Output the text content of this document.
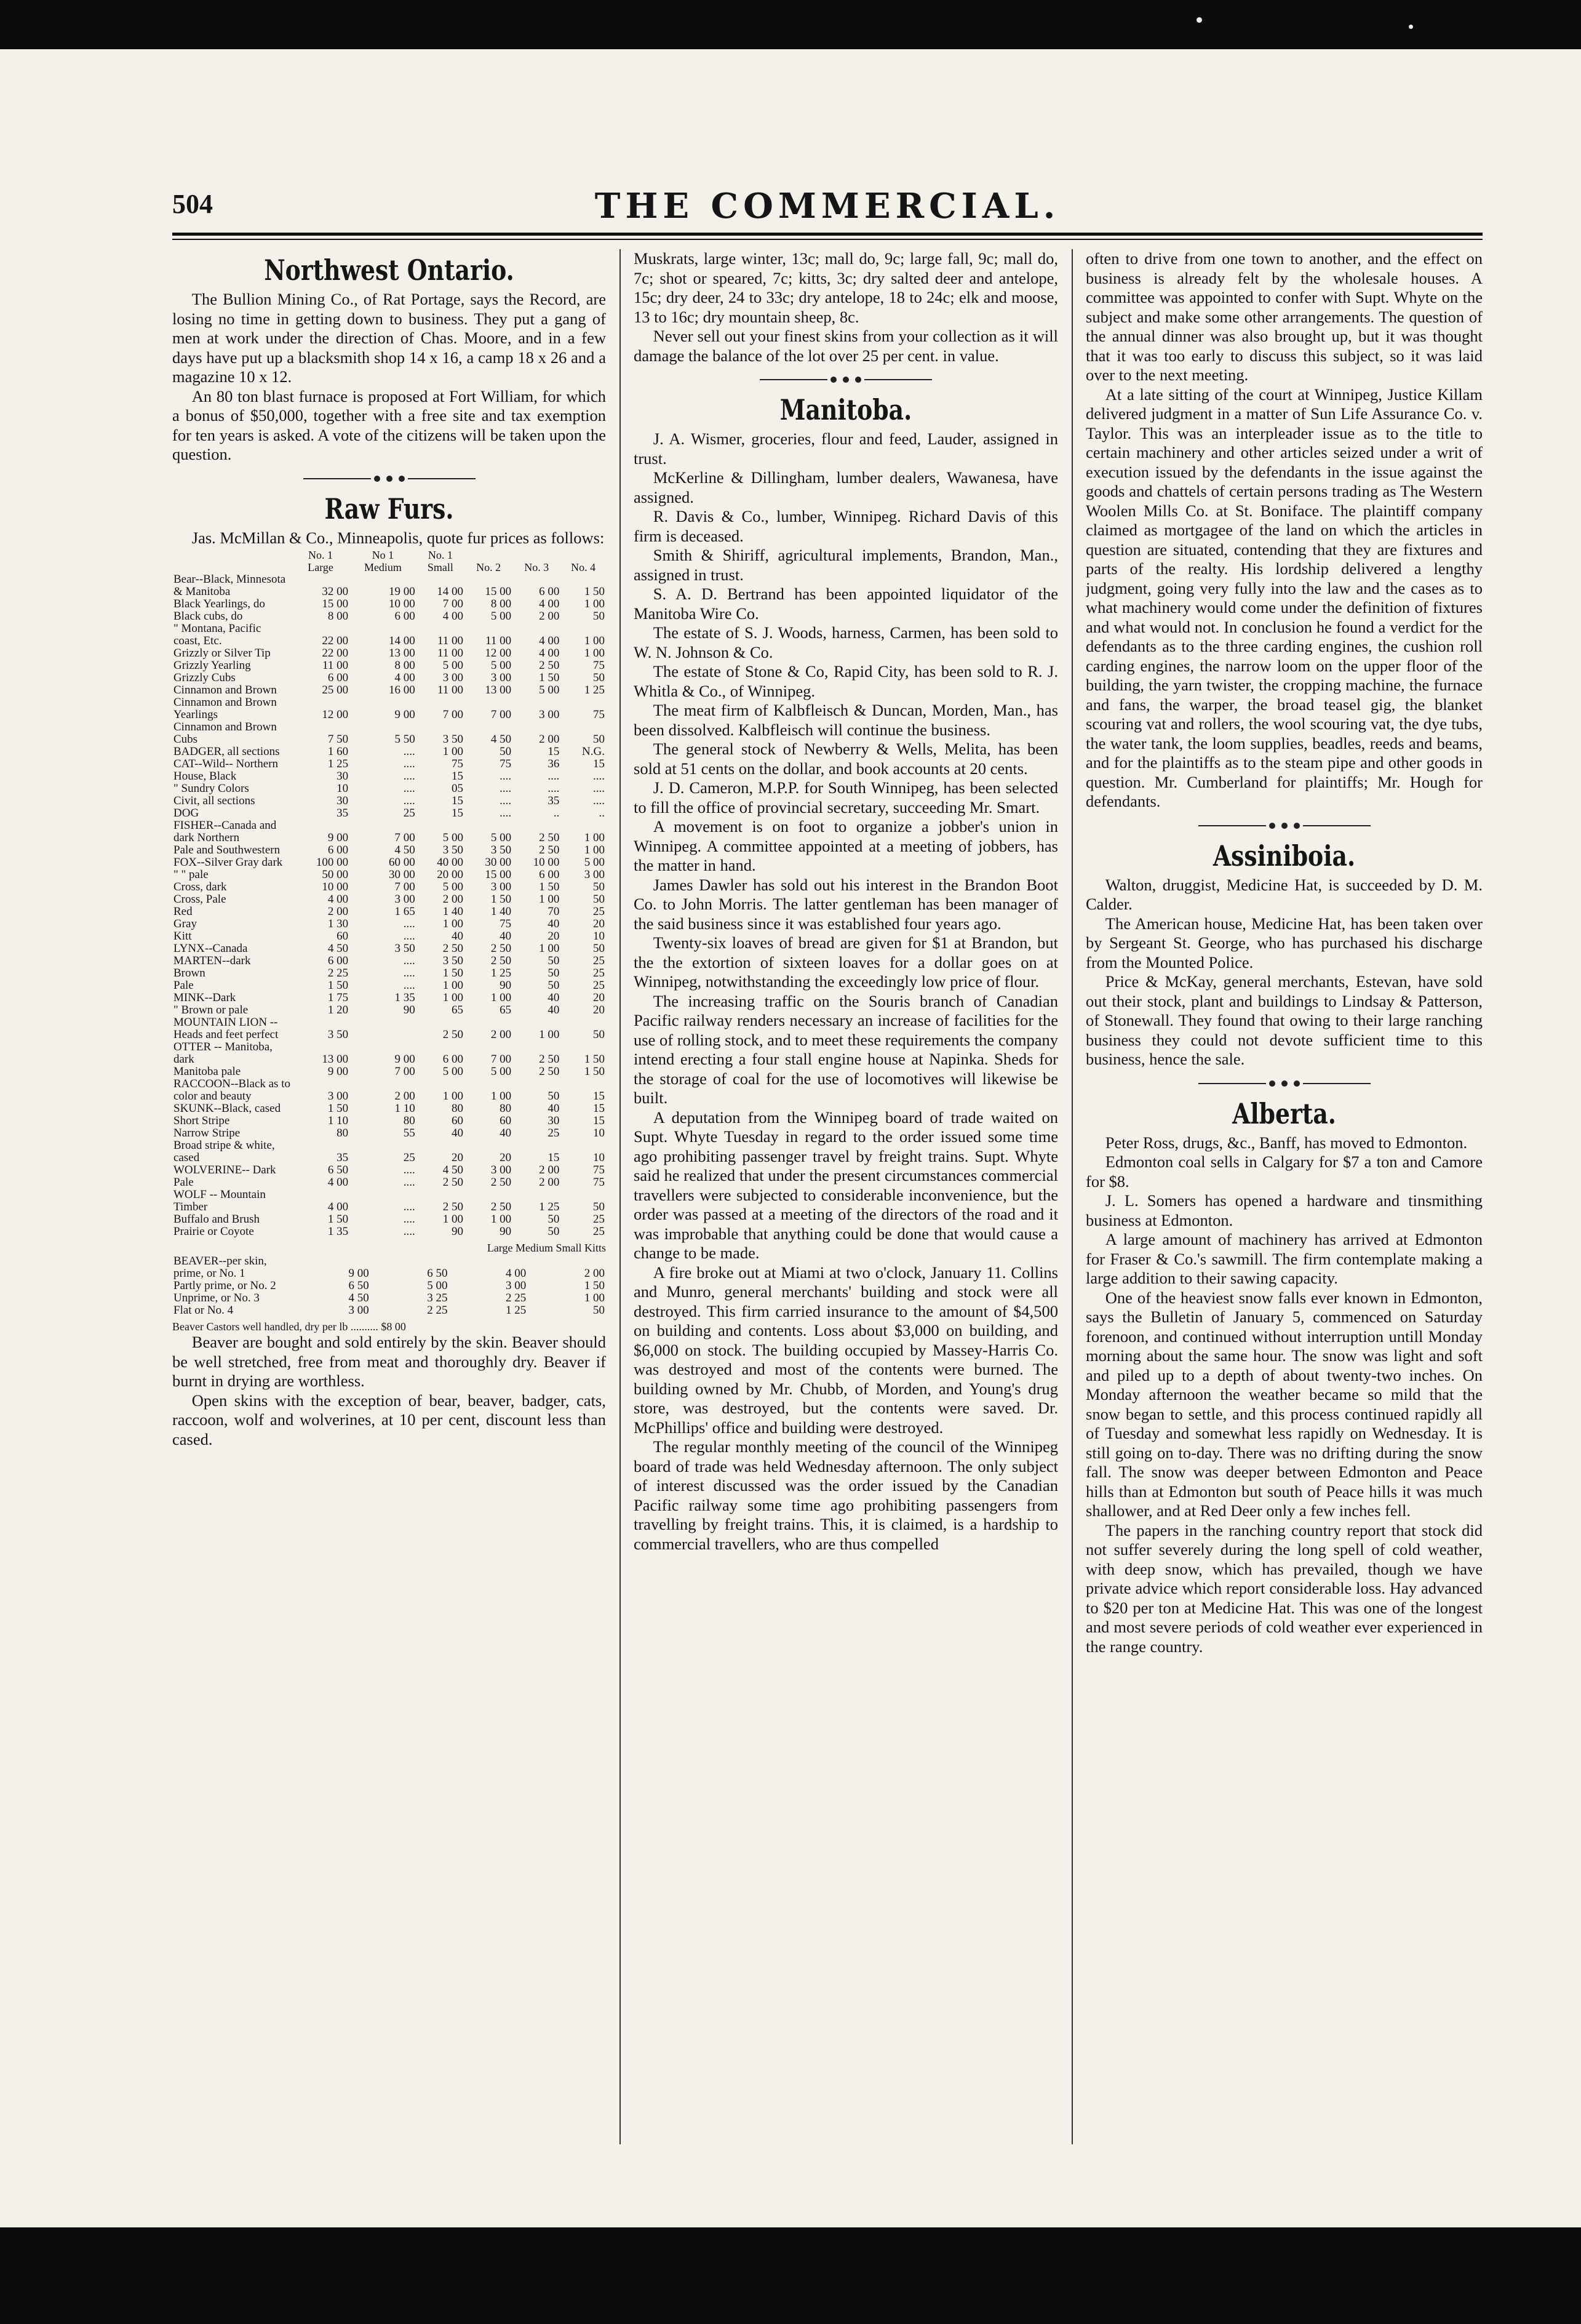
504	THE COMMERCIAL.
Northwest Ontario.

The Bullion Mining Co., of Rat Portage, says the Record, are losing no time in getting down to business. They put a gang of men at work under the direction of Chas. Moore, and in a few days have put up a blacksmith shop 14 x 16, a camp 18 x 26 and a magazine 10 x 12.

An 80 ton blast furnace is proposed at Fort William, for which a bonus of $50,000, together with a free site and tax exemption for ten years is asked. A vote of the citizens will be taken upon the question.

Raw Furs.

Jas. McMillan & Co., Minneapolis, quote fur prices as follows:

	No. 1	No 1	No. 1			
	Large	Medium	Small	No. 2	No. 3	No. 4
Bear--Black, Minnesota & Manitoba	32 00	19 00	14 00	15 00	6 00	1 50
Black Yearlings, do	15 00	10 00	7 00	8 00	4 00	1 00
Black cubs, do	8 00	6 00	4 00	5 00	2 00	50
" Montana, Pacific coast, Etc.	22 00	14 00	11 00	11 00	4 00	1 00
Grizzly or Silver Tip	22 00	13 00	11 00	12 00	4 00	1 00
Grizzly Yearling	11 00	8 00	5 00	5 00	2 50	75
Grizzly Cubs	6 00	4 00	3 00	3 00	1 50	50
Cinnamon and Brown	25 00	16 00	11 00	13 00	5 00	1 25
Cinnamon and Brown Yearlings	12 00	9 00	7 00	7 00	3 00	75
Cinnamon and Brown Cubs	7 50	5 50	3 50	4 50	2 00	50
BADGER, all sections	1 60	....	1 00	50	15	N.G.
CAT--Wild-- Northern	1 25	....	75	75	36	15
House, Black	30	....	15	....	....	....
" Sundry Colors	10	....	05	....	....	....
Civit, all sections	30	....	15	....	35	....
DOG	35	25	15	....	..	..
FISHER--Canada and dark Northern	9 00	7 00	5 00	5 00	2 50	1 00
Pale and Southwestern	6 00	4 50	3 50	3 50	2 50	1 00
FOX--Silver Gray dark	100 00	60 00	40 00	30 00	10 00	5 00
" " pale	50 00	30 00	20 00	15 00	6 00	3 00
Cross, dark	10 00	7 00	5 00	3 00	1 50	50
Cross, Pale	4 00	3 00	2 00	1 50	1 00	50
Red	2 00	1 65	1 40	1 40	70	25
Gray	1 30	....	1 00	75	40	20
Kitt	60	....	40	40	20	10
LYNX--Canada	4 50	3 50	2 50	2 50	1 00	50
MARTEN--dark	6 00	....	3 50	2 50	50	25
Brown	2 25	....	1 50	1 25	50	25
Pale	1 50	....	1 00	90	50	25
MINK--Dark	1 75	1 35	1 00	1 00	40	20
" Brown or pale	1 20	90	65	65	40	20
MOUNTAIN LION --Heads and feet perfect	3 50		2 50	2 00	1 00	50
OTTER -- Manitoba, dark	13 00	9 00	6 00	7 00	2 50	1 50
Manitoba pale	9 00	7 00	5 00	5 00	2 50	1 50
RACCOON--Black as to color and beauty	3 00	2 00	1 00	1 00	50	15
SKUNK--Black, cased	1 50	1 10	80	80	40	15
Short Stripe	1 10	80	60	60	30	15
Narrow Stripe	80	55	40	40	25	10
Broad stripe & white, cased	35	25	20	20	15	10
WOLVERINE-- Dark	6 50	....	4 50	3 00	2 00	75
Pale	4 00	....	2 50	2 50	2 00	75
WOLF -- Mountain Timber	4 00	....	2 50	2 50	1 25	50
Buffalo and Brush	1 50	....	1 00	1 00	50	25
Prairie or Coyote	1 35	....	90	90	50	25
Large Medium Small Kitts
BEAVER--per skin, prime, or No. 1	9 00	6 50	4 00	2 00
Partly prime, or No. 2	6 50	5 00	3 00	1 50
Unprime, or No. 3	4 50	3 25	2 25	1 00
Flat or No. 4	3 00	2 25	1 25	50
Beaver Castors well handled, dry per lb .......... $8 00

Beaver are bought and sold entirely by the skin. Beaver should be well stretched, free from meat and thoroughly dry. Beaver if burnt in drying are worthless.

Open skins with the exception of bear, beaver, badger, cats, raccoon, wolf and wolverines, at 10 per cent, discount less than cased.

Muskrats, large winter, 13c; mall do, 9c; large fall, 9c; mall do, 7c; shot or speared, 7c; kitts, 3c; dry salted deer and antelope, 15c; dry deer, 24 to 33c; dry antelope, 18 to 24c; elk and moose, 13 to 16c; dry mountain sheep, 8c.

Never sell out your finest skins from your collection as it will damage the balance of the lot over 25 per cent. in value.

Manitoba.

J. A. Wismer, groceries, flour and feed, Lauder, assigned in trust.

McKerline & Dillingham, lumber dealers, Wawanesa, have assigned.

R. Davis & Co., lumber, Winnipeg. Richard Davis of this firm is deceased.

Smith & Shiriff, agricultural implements, Brandon, Man., assigned in trust.

S. A. D. Bertrand has been appointed liquidator of the Manitoba Wire Co.

The estate of S. J. Woods, harness, Carmen, has been sold to W. N. Johnson & Co.

The estate of Stone & Co, Rapid City, has been sold to R. J. Whitla & Co., of Winnipeg.

The meat firm of Kalbfleisch & Duncan, Morden, Man., has been dissolved. Kalbfleisch will continue the business.

The general stock of Newberry & Wells, Melita, has been sold at 51 cents on the dollar, and book accounts at 20 cents.

J. D. Cameron, M.P.P. for South Winnipeg, has been selected to fill the office of provincial secretary, succeeding Mr. Smart.

A movement is on foot to organize a jobber's union in Winnipeg. A committee appointed at a meeting of jobbers, has the matter in hand.

James Dawler has sold out his interest in the Brandon Boot Co. to John Morris. The latter gentleman has been manager of the said business since it was established four years ago.

Twenty-six loaves of bread are given for $1 at Brandon, but the the extortion of sixteen loaves for a dollar goes on at Winnipeg, notwithstanding the exceedingly low price of flour.

The increasing traffic on the Souris branch of Canadian Pacific railway renders necessary an increase of facilities for the use of rolling stock, and to meet these requirements the company intend erecting a four stall engine house at Napinka. Sheds for the storage of coal for the use of locomotives will likewise be built.

A deputation from the Winnipeg board of trade waited on Supt. Whyte Tuesday in regard to the order issued some time ago prohibiting passenger travel by freight trains. Supt. Whyte said he realized that under the present circumstances commercial travellers were subjected to considerable inconvenience, but the order was passed at a meeting of the directors of the road and it was improbable that anything could be done that would cause a change to be made.

A fire broke out at Miami at two o'clock, January 11. Collins and Munro, general merchants' building and stock were all destroyed. This firm carried insurance to the amount of $4,500 on building and contents. Loss about $3,000 on building, and $6,000 on stock. The building occupied by Massey-Harris Co. was destroyed and most of the contents were burned. The building owned by Mr. Chubb, of Morden, and Young's drug store, was destroyed, but the contents were saved. Dr. McPhillips' office and building were destroyed.

The regular monthly meeting of the council of the Winnipeg board of trade was held Wednesday afternoon. The only subject of interest discussed was the order issued by the Canadian Pacific railway some time ago prohibiting passengers from travelling by freight trains. This, it is claimed, is a hardship to commercial travellers, who are thus compelled

often to drive from one town to another, and the effect on business is already felt by the wholesale houses. A committee was appointed to confer with Supt. Whyte on the subject and make some other arrangements. The question of the annual dinner was also brought up, but it was thought that it was too early to discuss this subject, so it was laid over to the next meeting.

At a late sitting of the court at Winnipeg, Justice Killam delivered judgment in a matter of Sun Life Assurance Co. v. Taylor. This was an interpleader issue as to the title to certain machinery and other articles seized under a writ of execution issued by the defendants in the issue against the goods and chattels of certain persons trading as The Western Woolen Mills Co. at St. Boniface. The plaintiff company claimed as mortgagee of the land on which the articles in question are situated, contending that they are fixtures and parts of the realty. His lordship delivered a lengthy judgment, going very fully into the law and the cases as to what machinery would come under the definition of fixtures and what would not. In conclusion he found a verdict for the defendants as to the three carding engines, the cushion roll carding engines, the narrow loom on the upper floor of the building, the yarn twister, the cropping machine, the furnace and fans, the warper, the broad teasel gig, the blanket scouring vat and rollers, the wool scouring vat, the dye tubs, the water tank, the loom supplies, beadles, reeds and beams, and for the plaintiffs as to the steam pipe and other goods in question. Mr. Cumberland for plaintiffs; Mr. Hough for defendants.

Assiniboia.

Walton, druggist, Medicine Hat, is succeeded by D. M. Calder.

The American house, Medicine Hat, has been taken over by Sergeant St. George, who has purchased his discharge from the Mounted Police.

Price & McKay, general merchants, Estevan, have sold out their stock, plant and buildings to Lindsay & Patterson, of Stonewall. They found that owing to their large ranching business they could not devote sufficient time to this business, hence the sale.

Alberta.

Peter Ross, drugs, &c., Banff, has moved to Edmonton.

Edmonton coal sells in Calgary for $7 a ton and Camore for $8.

J. L. Somers has opened a hardware and tinsmithing business at Edmonton.

A large amount of machinery has arrived at Edmonton for Fraser & Co.'s sawmill. The firm contemplate making a large addition to their sawing capacity.

One of the heaviest snow falls ever known in Edmonton, says the Bulletin of January 5, commenced on Saturday forenoon, and continued without interruption untill Monday morning about the same hour. The snow was light and soft and piled up to a depth of about twenty-two inches. On Monday afternoon the weather became so mild that the snow began to settle, and this process continued rapidly all of Tuesday and somewhat less rapidly on Wednesday. It is still going on to-day. There was no drifting during the snow fall. The snow was deeper between Edmonton and Peace hills than at Edmonton but south of Peace hills it was much shallower, and at Red Deer only a few inches fell.

The papers in the ranching country report that stock did not suffer severely during the long spell of cold weather, with deep snow, which has prevailed, though we have private advice which report considerable loss. Hay advanced to $20 per ton at Medicine Hat. This was one of the longest and most severe periods of cold weather ever experienced in the range country.
